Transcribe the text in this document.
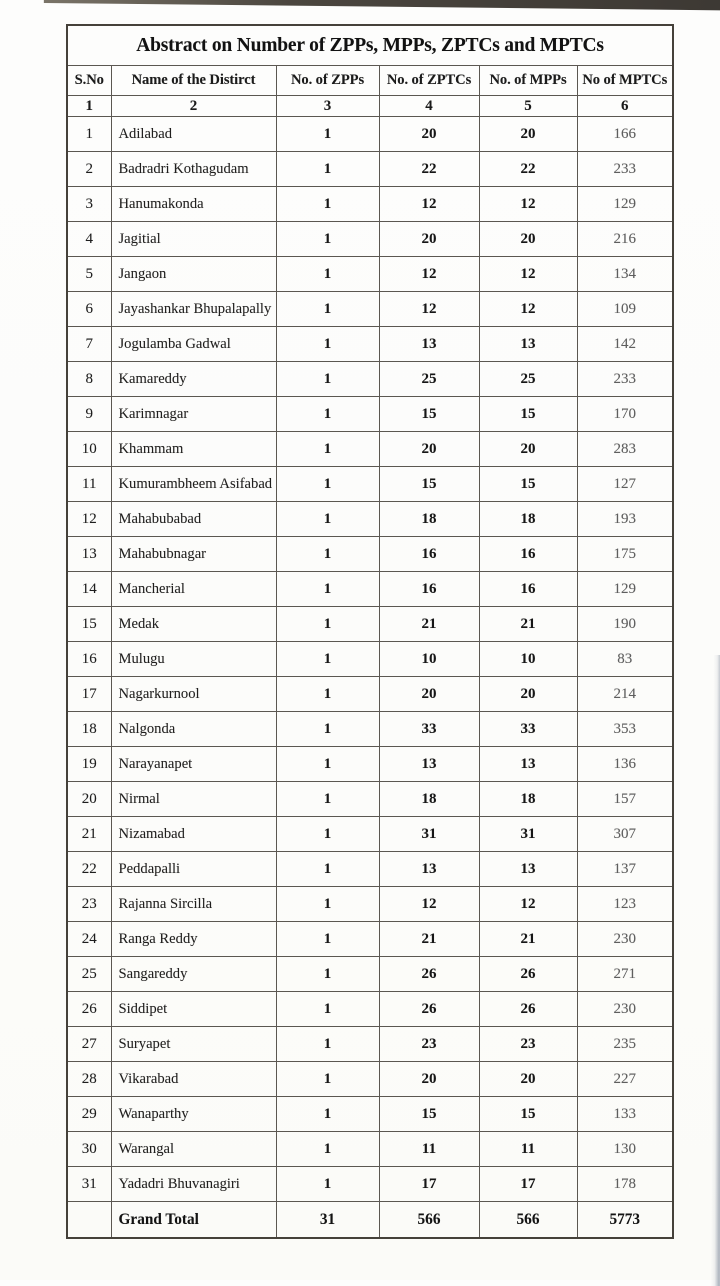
Abstract on Number of ZPPs, MPPs, ZPTCs and MPTCs					
S.No	Name of the Distirct	No. of ZPPs	No. of ZPTCs	No. of MPPs	No of MPTCs
1	2	3	4	5	6
1	Adilabad	1	20	20	166
2	Badradri Kothagudam	1	22	22	233
3	Hanumakonda	1	12	12	129
4	Jagitial	1	20	20	216
5	Jangaon	1	12	12	134
6	Jayashankar Bhupalapally	1	12	12	109
7	Jogulamba Gadwal	1	13	13	142
8	Kamareddy	1	25	25	233
9	Karimnagar	1	15	15	170
10	Khammam	1	20	20	283
11	Kumurambheem Asifabad	1	15	15	127
12	Mahabubabad	1	18	18	193
13	Mahabubnagar	1	16	16	175
14	Mancherial	1	16	16	129
15	Medak	1	21	21	190
16	Mulugu	1	10	10	83
17	Nagarkurnool	1	20	20	214
18	Nalgonda	1	33	33	353
19	Narayanapet	1	13	13	136
20	Nirmal	1	18	18	157
21	Nizamabad	1	31	31	307
22	Peddapalli	1	13	13	137
23	Rajanna Sircilla	1	12	12	123
24	Ranga Reddy	1	21	21	230
25	Sangareddy	1	26	26	271
26	Siddipet	1	26	26	230
27	Suryapet	1	23	23	235
28	Vikarabad	1	20	20	227
29	Wanaparthy	1	15	15	133
30	Warangal	1	11	11	130
31	Yadadri Bhuvanagiri	1	17	17	178
	Grand Total	31	566	566	5773
